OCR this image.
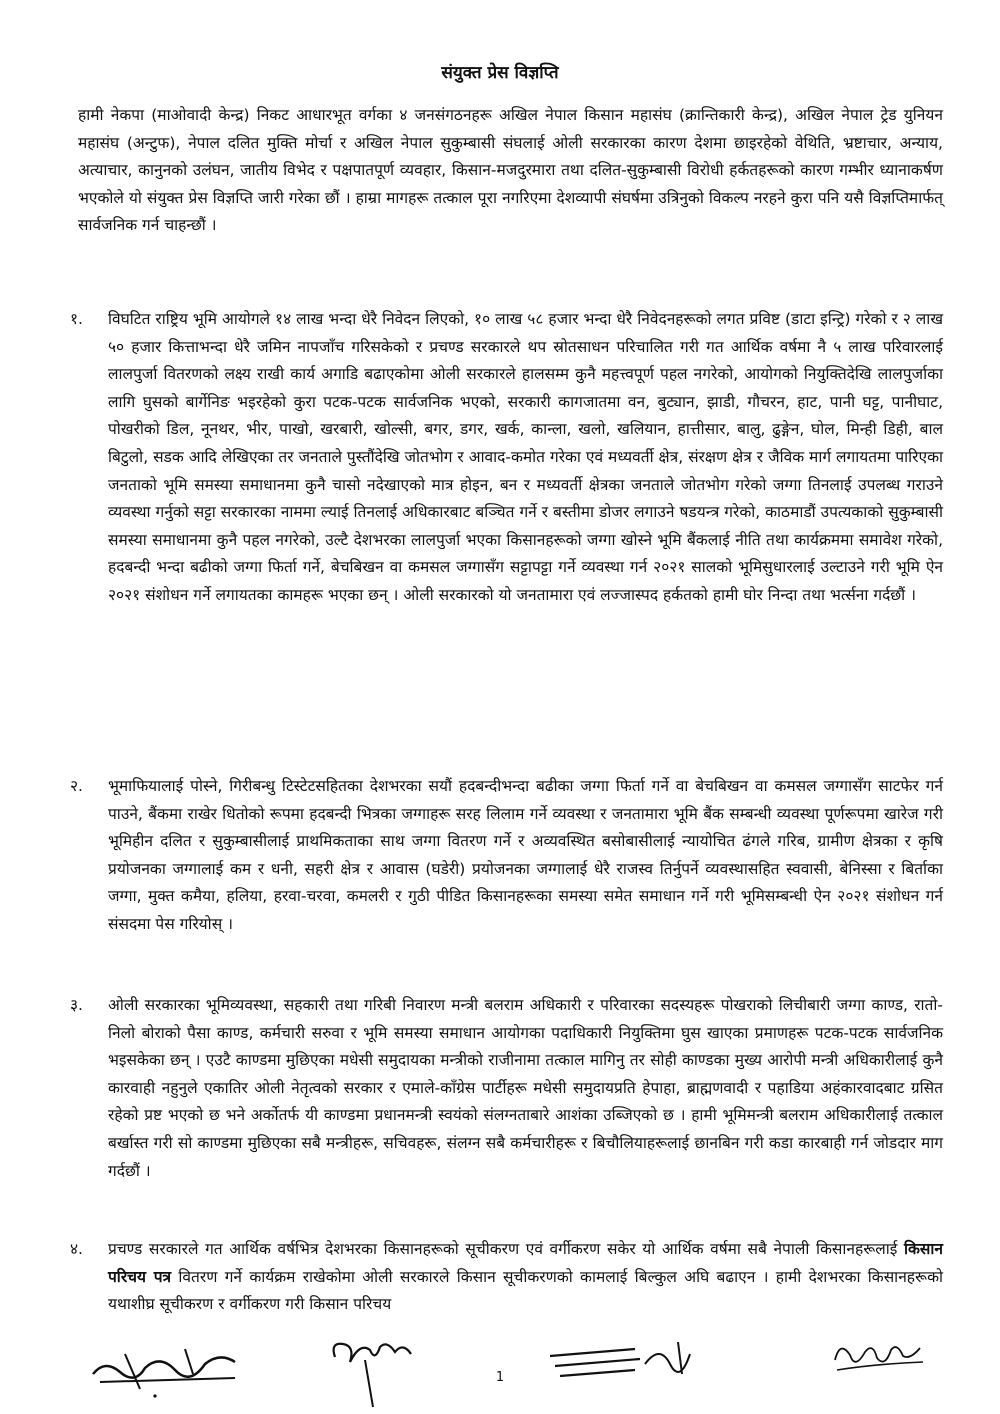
संयुक्त प्रेस विज्ञप्ति
हामी नेकपा (माओवादी केन्द्र) निकट आधारभूत वर्गका ४ जनसंगठनहरू अखिल नेपाल किसान महासंघ (क्रान्तिकारी केन्द्र), अखिल नेपाल ट्रेड युनियन महासंघ (अन्टुफ), नेपाल दलित मुक्ति मोर्चा र अखिल नेपाल सुकुम्बासी संघलाई ओली सरकारका कारण देशमा छाइरहेको वेथिति, भ्रष्टाचार, अन्याय, अत्याचार, कानुनको उलंघन, जातीय विभेद र पक्षपातपूर्ण व्यवहार, किसान-मजदुरमारा तथा दलित-सुकुम्बासी विरोधी हर्कतहरूको कारण गम्भीर ध्यानाकर्षण भएकोले यो संयुक्त प्रेस विज्ञप्ति जारी गरेका छौं । हाम्रा मागहरू तत्काल पूरा नगरिएमा देशव्यापी संघर्षमा उत्रिनुको विकल्प नरहने कुरा पनि यसै विज्ञप्तिमार्फत् सार्वजनिक गर्न चाहन्छौं ।
१.	विघटित राष्ट्रिय भूमि आयोगले १४ लाख भन्दा धेरै निवेदन लिएको, १० लाख ५८ हजार भन्दा धेरै निवेदनहरूको लगत प्रविष्ट (डाटा इन्ट्रि) गरेको र २ लाख ५० हजार कित्ताभन्दा धेरै जमिन नापजाँच गरिसकेको र प्रचण्ड सरकारले थप स्रोतसाधन परिचालित गरी गत आर्थिक वर्षमा नै ५ लाख परिवारलाई लालपुर्जा वितरणको लक्ष्य राखी कार्य अगाडि बढाएकोमा ओली सरकारले हालसम्म कुनै महत्त्वपूर्ण पहल नगरेको, आयोगको नियुक्तिदेखि लालपुर्जाका लागि घुसको बार्गेनिङ भइरहेको कुरा पटक-पटक सार्वजनिक भएको, सरकारी कागजातमा वन, बुट्यान, झाडी, गौचरन, हाट, पानी घट्ट, पानीघाट, पोखरीको डिल, नूनथर, भीर, पाखो, खरबारी, खोल्सी, बगर, डगर, खर्क, कान्ला, खलो, खलियान, हात्तीसार, बालु, ढुङ्गेन, घोल, मिन्ही डिही, बाल बिटुलो, सडक आदि लेखिएका तर जनताले पुस्तौंदेखि जोतभोग र आवाद-कमोत गरेका एवं मध्यवर्ती क्षेत्र, संरक्षण क्षेत्र र जैविक मार्ग लगायतमा पारिएका जनताको भूमि समस्या समाधानमा कुनै चासो नदेखाएको मात्र होइन, बन र मध्यवर्ती क्षेत्रका जनताले जोतभोग गरेको जग्गा तिनलाई उपलब्ध गराउने व्यवस्था गर्नुको सट्टा सरकारका नाममा ल्याई तिनलाई अधिकारबाट बञ्चित गर्ने र बस्तीमा डोजर लगाउने षडयन्त्र गरेको, काठमाडौं उपत्यकाको सुकुम्बासी समस्या समाधानमा कुनै पहल नगरेको, उल्टै देशभरका लालपुर्जा भएका किसानहरूको जग्गा खोस्ने भूमि बैंकलाई नीति तथा कार्यक्रममा समावेश गरेको, हदबन्दी भन्दा बढीको जग्गा फिर्ता गर्ने, बेचबिखन वा कमसल जग्गासँग सट्टापट्टा गर्ने व्यवस्था गर्न २०२१ सालको भूमिसुधारलाई उल्टाउने गरी भूमि ऐन २०२१ संशोधन गर्ने लगायतका कामहरू भएका छन् । ओली सरकारको यो जनतामारा एवं लज्जास्पद हर्कतको हामी घोर निन्दा तथा भर्त्सना गर्दछौं ।
२.	भूमाफियालाई पोस्ने, गिरीबन्धु टिस्टेटसहितका देशभरका सयौं हदबन्दीभन्दा बढीका जग्गा फिर्ता गर्ने वा बेचबिखन वा कमसल जग्गासँग साटफेर गर्न पाउने, बैंकमा राखेर धितोको रूपमा हदबन्दी भित्रका जग्गाहरू सरह लिलाम गर्ने व्यवस्था र जनतामारा भूमि बैंक सम्बन्धी व्यवस्था पूर्णरूपमा खारेज गरी भूमिहीन दलित र सुकुम्बासीलाई प्राथमिकताका साथ जग्गा वितरण गर्ने र अव्यवस्थित बसोबासीलाई न्यायोचित ढंगले गरिब, ग्रामीण क्षेत्रका र कृषि प्रयोजनका जग्गालाई कम र धनी, सहरी क्षेत्र र आवास (घडेरी) प्रयोजनका जग्गालाई धेरै राजस्व तिर्नुपर्ने व्यवस्थासहित स्ववासी, बेनिस्सा र बिर्ताका जग्गा, मुक्त कमैया, हलिया, हरवा-चरवा, कमलरी र गुठी पीडित किसानहरूका समस्या समेत समाधान गर्ने गरी भूमिसम्बन्धी ऐन २०२१ संशोधन गर्न संसदमा पेस गरियोस् ।
३.	ओली सरकारका भूमिव्यवस्था, सहकारी तथा गरिबी निवारण मन्त्री बलराम अधिकारी र परिवारका सदस्यहरू पोखराको लिचीबारी जग्गा काण्ड, रातो-निलो बोराको पैसा काण्ड, कर्मचारी सरुवा र भूमि समस्या समाधान आयोगका पदाधिकारी नियुक्तिमा घुस खाएका प्रमाणहरू पटक-पटक सार्वजनिक भइसकेका छन् । एउटै काण्डमा मुछिएका मधेसी समुदायका मन्त्रीको राजीनामा तत्काल मागिनु तर सोही काण्डका मुख्य आरोपी मन्त्री अधिकारीलाई कुनै कारवाही नहुनुले एकातिर ओली नेतृत्वको सरकार र एमाले-काँग्रेस पार्टीहरू मधेसी समुदायप्रति हेपाहा, ब्राह्मणवादी र पहाडिया अहंकारवादबाट ग्रसित रहेको प्रष्ट भएको छ भने अर्कोतर्फ यी काण्डमा प्रधानमन्त्री स्वयंको संलग्नताबारे आशंका उब्जिएको छ । हामी भूमिमन्त्री बलराम अधिकारीलाई तत्काल बर्खास्त गरी सो काण्डमा मुछिएका सबै मन्त्रीहरू, सचिवहरू, संलग्न सबै कर्मचारीहरू र बिचौलियाहरूलाई छानबिन गरी कडा कारबाही गर्न जोडदार माग गर्दछौं ।
४.	प्रचण्ड सरकारले गत आर्थिक वर्षभित्र देशभरका किसानहरूको सूचीकरण एवं वर्गीकरण सकेर यो आर्थिक वर्षमा सबै नेपाली किसानहरूलाई किसान परिचय पत्र वितरण गर्ने कार्यक्रम राखेकोमा ओली सरकारले किसान सूचीकरणको कामलाई बिल्कुल अघि बढाएन । हामी देशभरका किसानहरूको यथाशीघ्र सूचीकरण र वर्गीकरण गरी किसान परिचय
1
